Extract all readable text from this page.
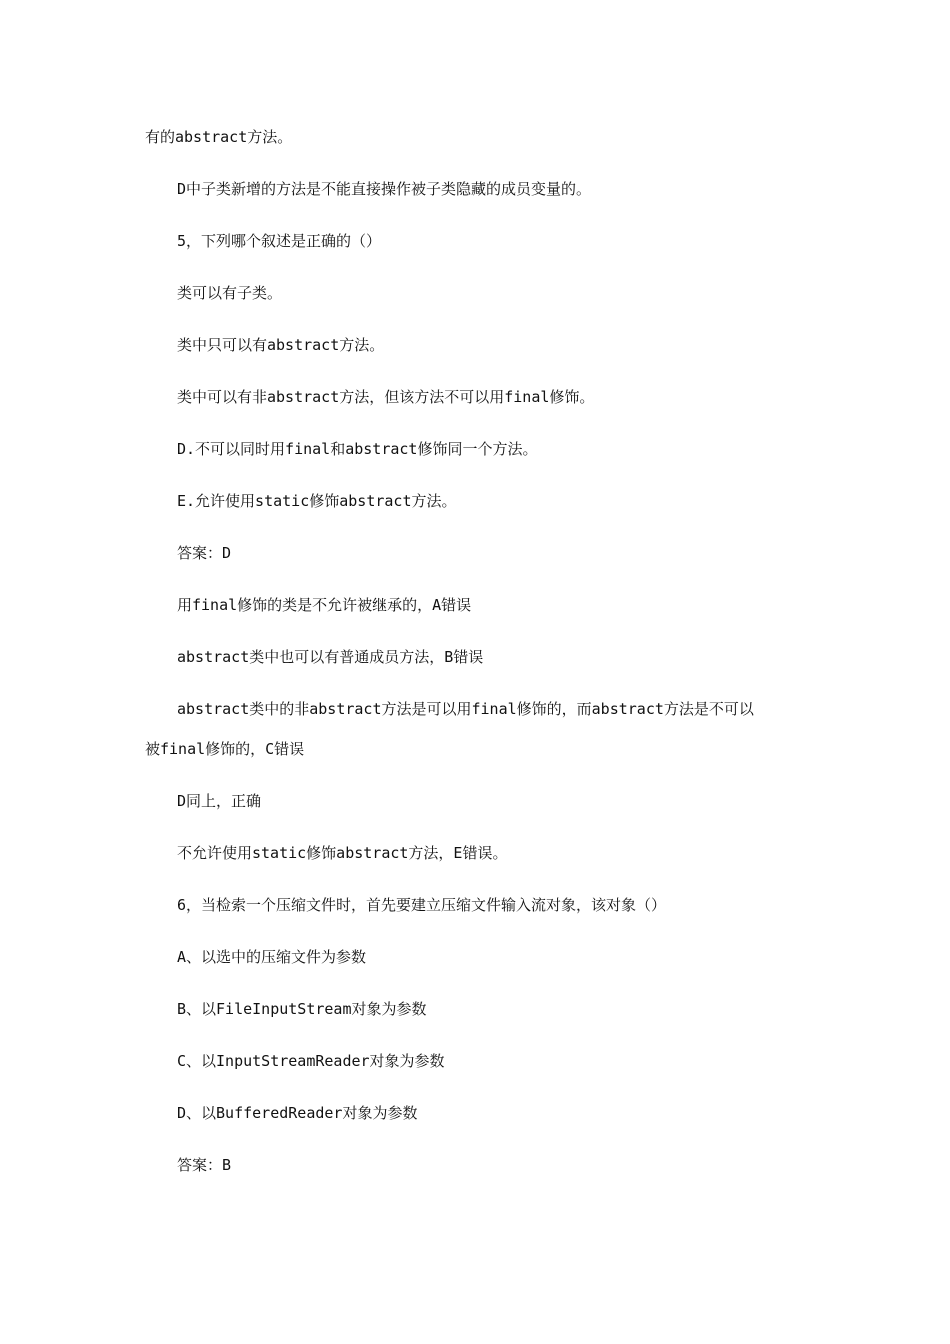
有的abstract方法。
D中子类新增的方法是不能直接操作被子类隐藏的成员变量的。
5，下列哪个叙述是正确的（）
类可以有子类。
类中只可以有abstract方法。
类中可以有非abstract方法，但该方法不可以用final修饰。
D.不可以同时用final和abstract修饰同一个方法。
E.允许使用static修饰abstract方法。
答案：D
用final修饰的类是不允许被继承的，A错误
abstract类中也可以有普通成员方法，B错误
abstract类中的非abstract方法是可以用final修饰的，而abstract方法是不可以
被final修饰的，C错误
D同上，正确
不允许使用static修饰abstract方法，E错误。
6，当检索一个压缩文件时，首先要建立压缩文件输入流对象，该对象（）
A、以选中的压缩文件为参数
B、以FileInputStream对象为参数
C、以InputStreamReader对象为参数
D、以BufferedReader对象为参数
答案：B
